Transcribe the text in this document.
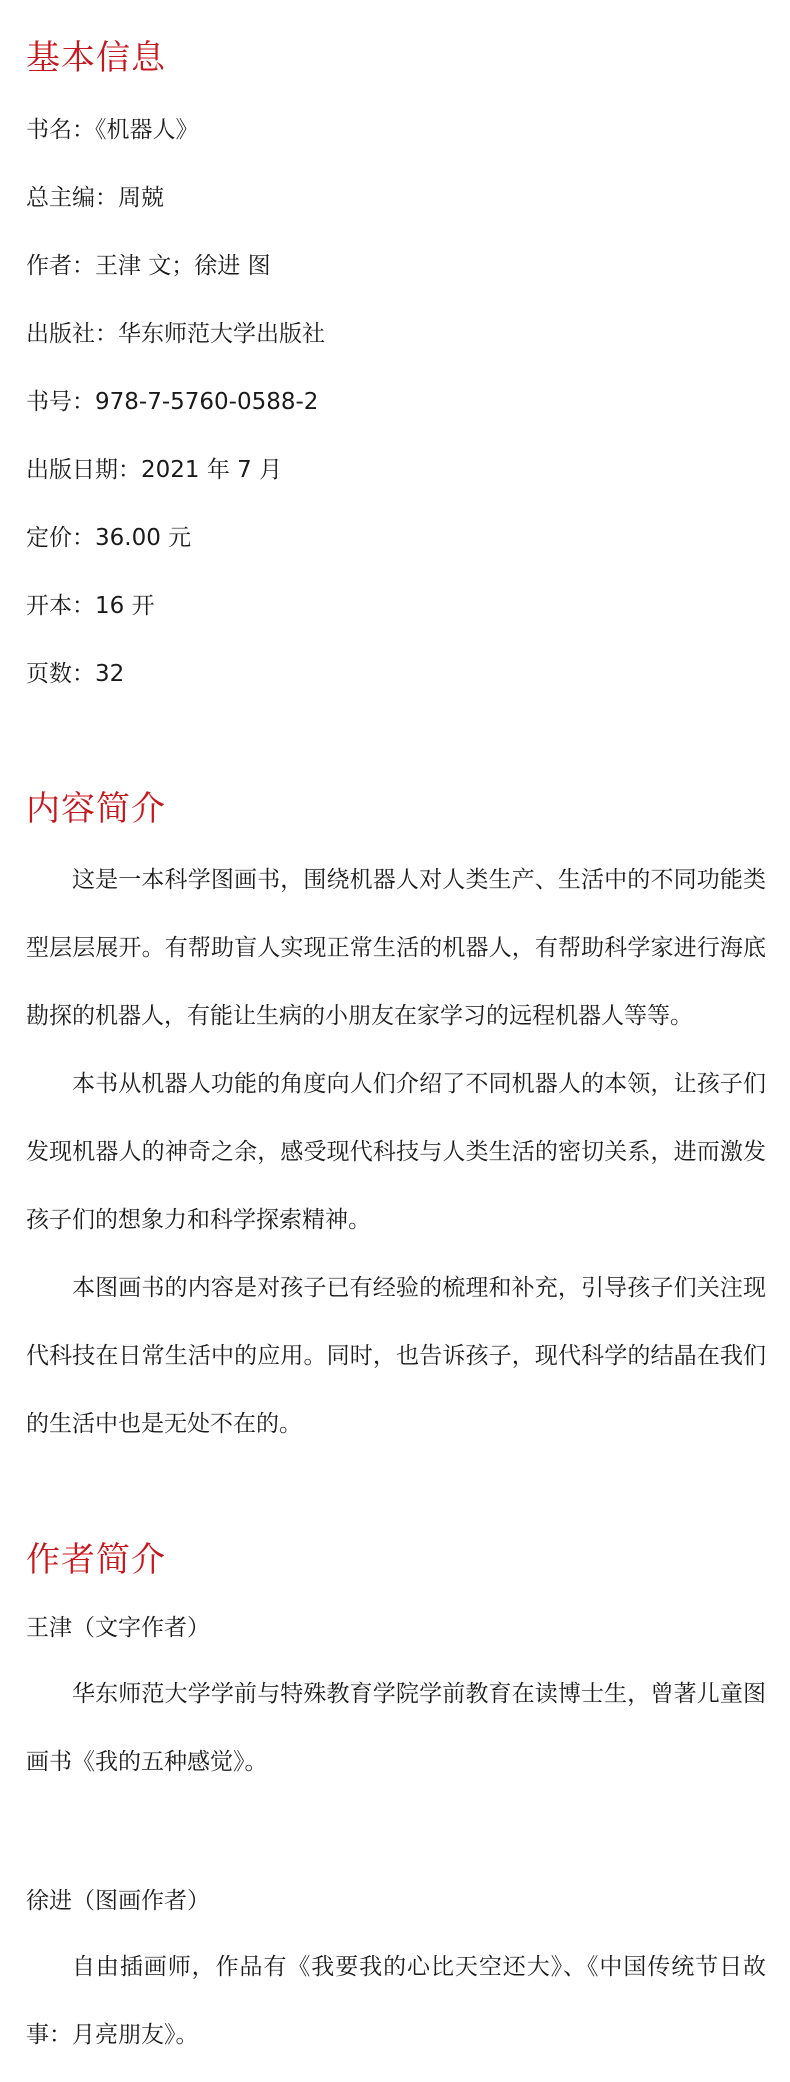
基本信息
书名：《机器人》
总主编：周兢
作者：王津 文；徐进 图
出版社：华东师范大学出版社
书号：978-7-5760-0588-2
出版日期：2021 年 7 月
定价：36.00 元
开本：16 开
页数：32
内容简介

这是一本科学图画书，围绕机器人对人类生产、生活中的不同功能类型层层展开。有帮助盲人实现正常生活的机器人，有帮助科学家进行海底勘探的机器人，有能让生病的小朋友在家学习的远程机器人等等。

本书从机器人功能的角度向人们介绍了不同机器人的本领，让孩子们发现机器人的神奇之余，感受现代科技与人类生活的密切关系，进而激发孩子们的想象力和科学探索精神。

本图画书的内容是对孩子已有经验的梳理和补充，引导孩子们关注现代科技在日常生活中的应用。同时，也告诉孩子，现代科学的结晶在我们的生活中也是无处不在的。

作者简介
王津（文字作者）

华东师范大学学前与特殊教育学院学前教育在读博士生，曾著儿童图画书《我的五种感觉》。

徐进（图画作者）

自由插画师，作品有《我要我的心比天空还大》、《中国传统节日故事：月亮朋友》。
